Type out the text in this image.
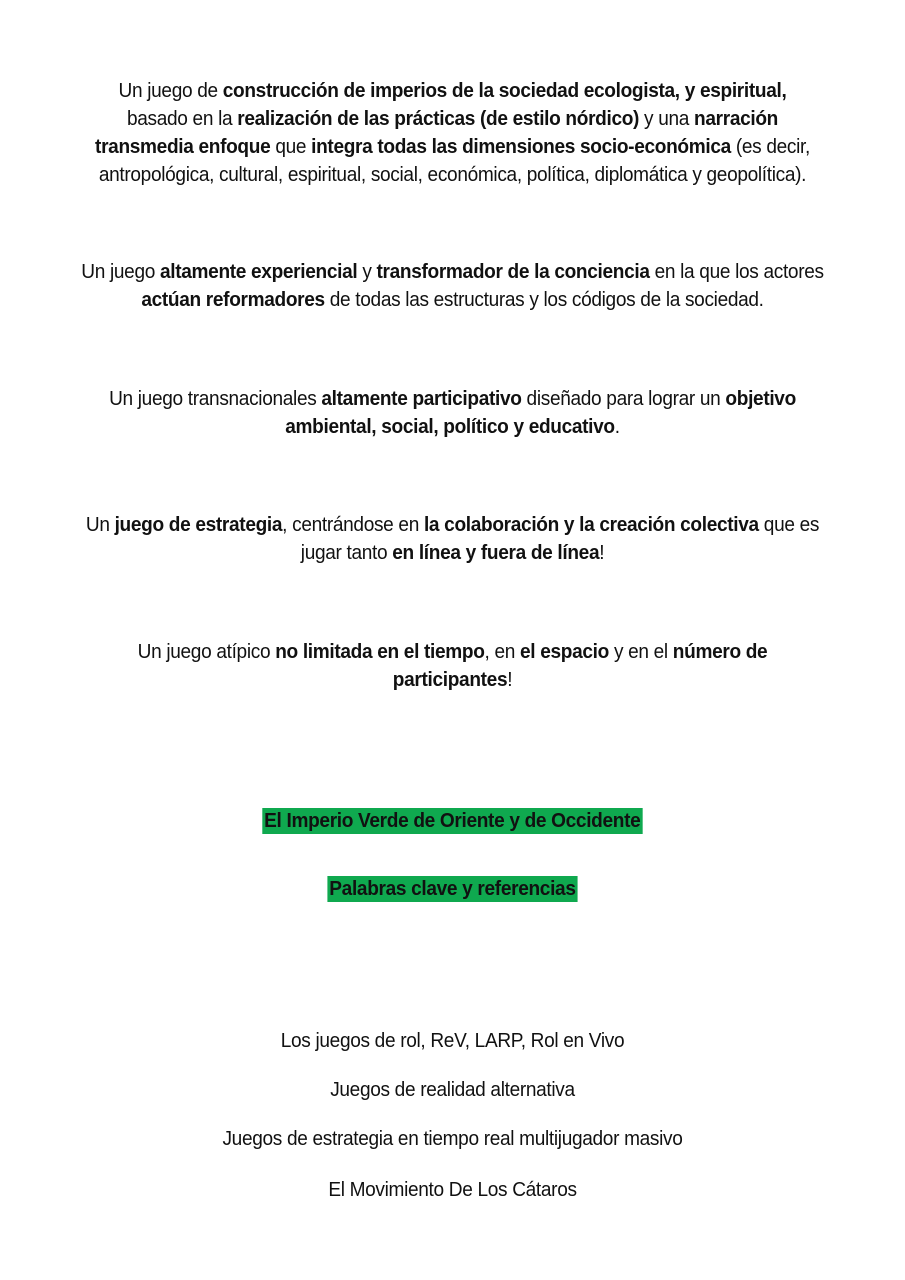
Un juego de construcción de imperios de la sociedad ecologista, y espiritual,
basado en la realización de las prácticas (de estilo nórdico) y una narración transmedia enfoque que integra todas las dimensiones socio-económica (es decir, antropológica, cultural, espiritual, social, económica, política, diplomática y geopolítica).

Un juego altamente experiencial y transformador de la conciencia en la que los actores actúan reformadores de todas las estructuras y los códigos de la sociedad.

Un juego transnacionales altamente participativo diseñado para lograr un objetivo ambiental, social, político y educativo.

Un juego de estrategia, centrándose en la colaboración y la creación colectiva que es jugar tanto en línea y fuera de línea!

Un juego atípico no limitada en el tiempo, en el espacio y en el número de participantes!

El Imperio Verde de Oriente y de Occidente
Palabras clave y referencias
Los juegos de rol, ReV, LARP, Rol en Vivo
Juegos de realidad alternativa
Juegos de estrategia en tiempo real multijugador masivo
El Movimiento De Los Cátaros
